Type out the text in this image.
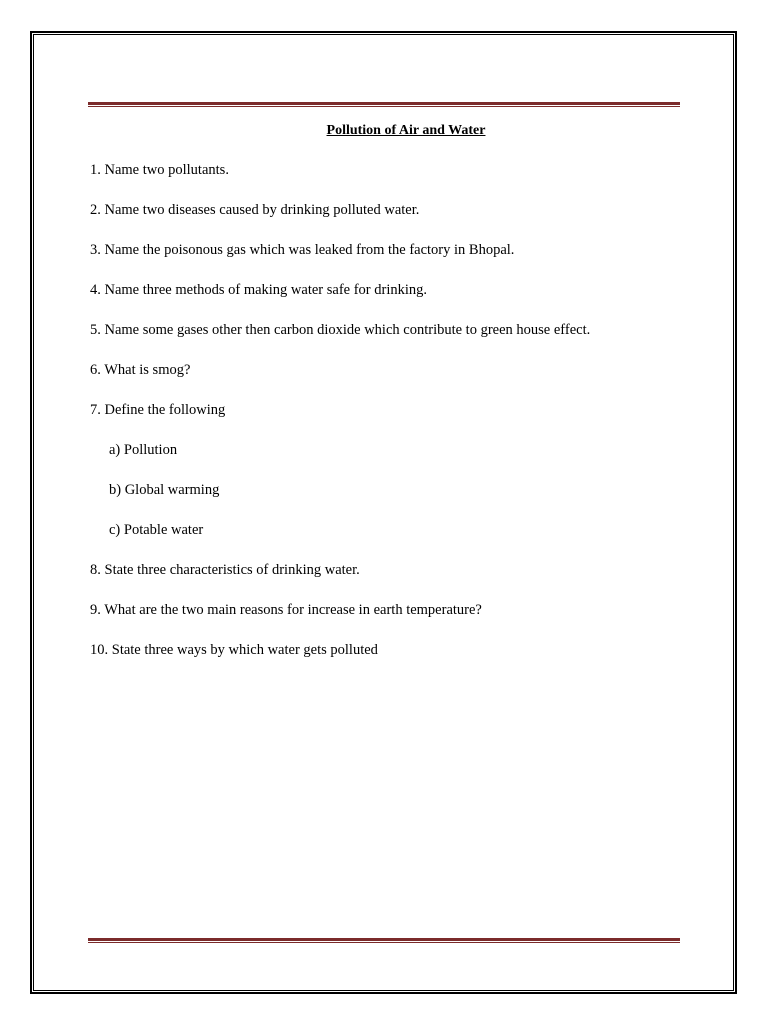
Pollution of Air and Water
1. Name two pollutants.
2. Name two diseases caused by drinking polluted water.
3. Name the poisonous gas which was leaked from the factory in Bhopal.
4. Name three methods of making water safe for drinking.
5. Name some gases other then carbon dioxide which contribute to green house effect.
6. What is smog?
7. Define the following
a) Pollution
b) Global warming
c) Potable water
8. State three characteristics of drinking water.
9. What are the two main reasons for increase in earth temperature?
10. State three ways by which water gets polluted
